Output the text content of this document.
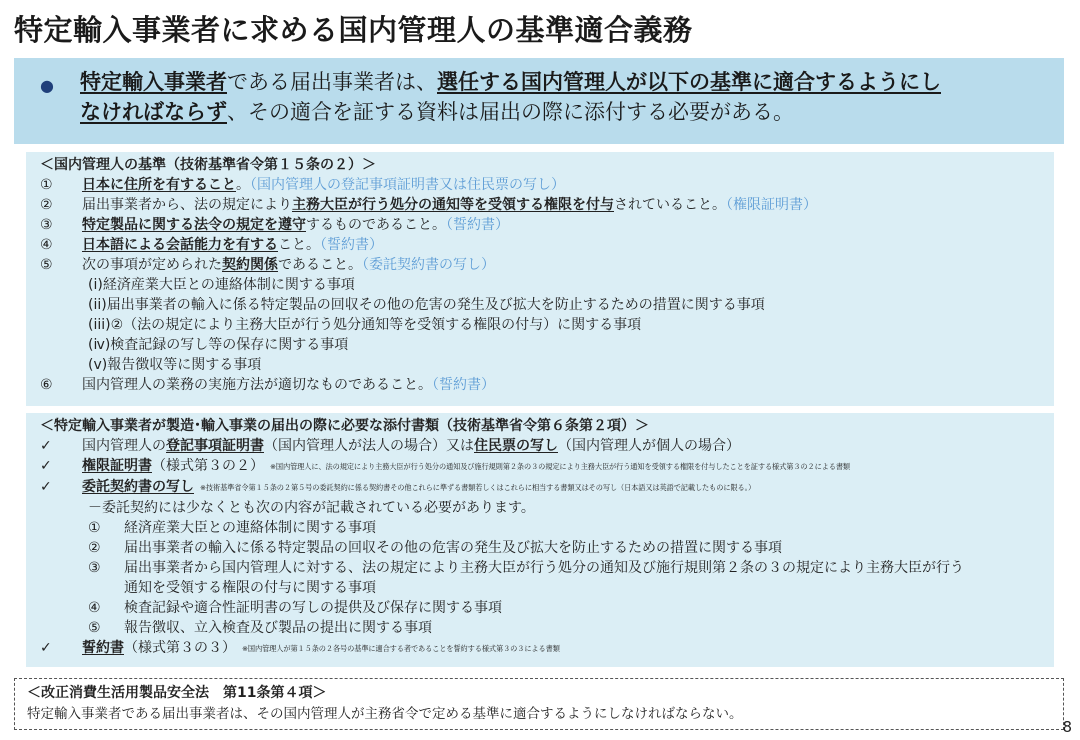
特定輸入事業者に求める国内管理人の基準適合義務
● 特定輸入事業者である届出事業者は、選任する国内管理人が以下の基準に適合するようにし
なければならず、その適合を証する資料は届出の際に添付する必要がある。

＜国内管理人の基準（技術基準省令第１５条の２）＞
① 日本に住所を有すること。（国内管理人の登記事項証明書又は住民票の写し）
② 届出事業者から、法の規定により主務大臣が行う処分の通知等を受領する権限を付与されていること。（権限証明書）
③ 特定製品に関する法令の規定を遵守するものであること。（誓約書）
④ 日本語による会話能力を有すること。（誓約書）
⑤ 次の事項が定められた契約関係であること。（委託契約書の写し）
(i)経済産業大臣との連絡体制に関する事項
(ii)届出事業者の輸入に係る特定製品の回収その他の危害の発生及び拡大を防止するための措置に関する事項
(iii)②（法の規定により主務大臣が行う処分通知等を受領する権限の付与）に関する事項
(ⅳ)検査記録の写し等の保存に関する事項
(ⅴ)報告徴収等に関する事項
⑥ 国内管理人の業務の実施方法が適切なものであること。（誓約書）
＜特定輸入事業者が製造･輸入事業の届出の際に必要な添付書類（技術基準省令第６条第２項）＞
✓ 国内管理人の登記事項証明書（国内管理人が法人の場合）又は住民票の写し（国内管理人が個人の場合）
✓ 権限証明書（様式第３の２） ※国内管理人に、法の規定により主務大臣が行う処分の通知及び施行規則第２条の３の規定により主務大臣が行う通知を受領する権限を付与したことを証する様式第３の２による書類
✓ 委託契約書の写し ※技術基準省令第１５条の２第５号の委託契約に係る契約書その他これらに準ずる書類若しくはこれらに相当する書類又はその写し（日本語又は英語で記載したものに限る。）
－委託契約には少なくとも次の内容が記載されている必要があります。
① 経済産業大臣との連絡体制に関する事項
② 届出事業者の輸入に係る特定製品の回収その他の危害の発生及び拡大を防止するための措置に関する事項
③ 届出事業者から国内管理人に対する、法の規定により主務大臣が行う処分の通知及び施行規則第２条の３の規定により主務大臣が行う
通知を受領する権限の付与に関する事項
④ 検査記録や適合性証明書の写しの提供及び保存に関する事項
⑤ 報告徴収、立入検査及び製品の提出に関する事項
✓ 誓約書（様式第３の３） ※国内管理人が第１５条の２各号の基準に適合する者であることを誓約する様式第３の３による書類
＜改正消費生活用製品安全法　第11条第４項＞
特定輸入事業者である届出事業者は、その国内管理人が主務省令で定める基準に適合するようにしなければならない。
8
